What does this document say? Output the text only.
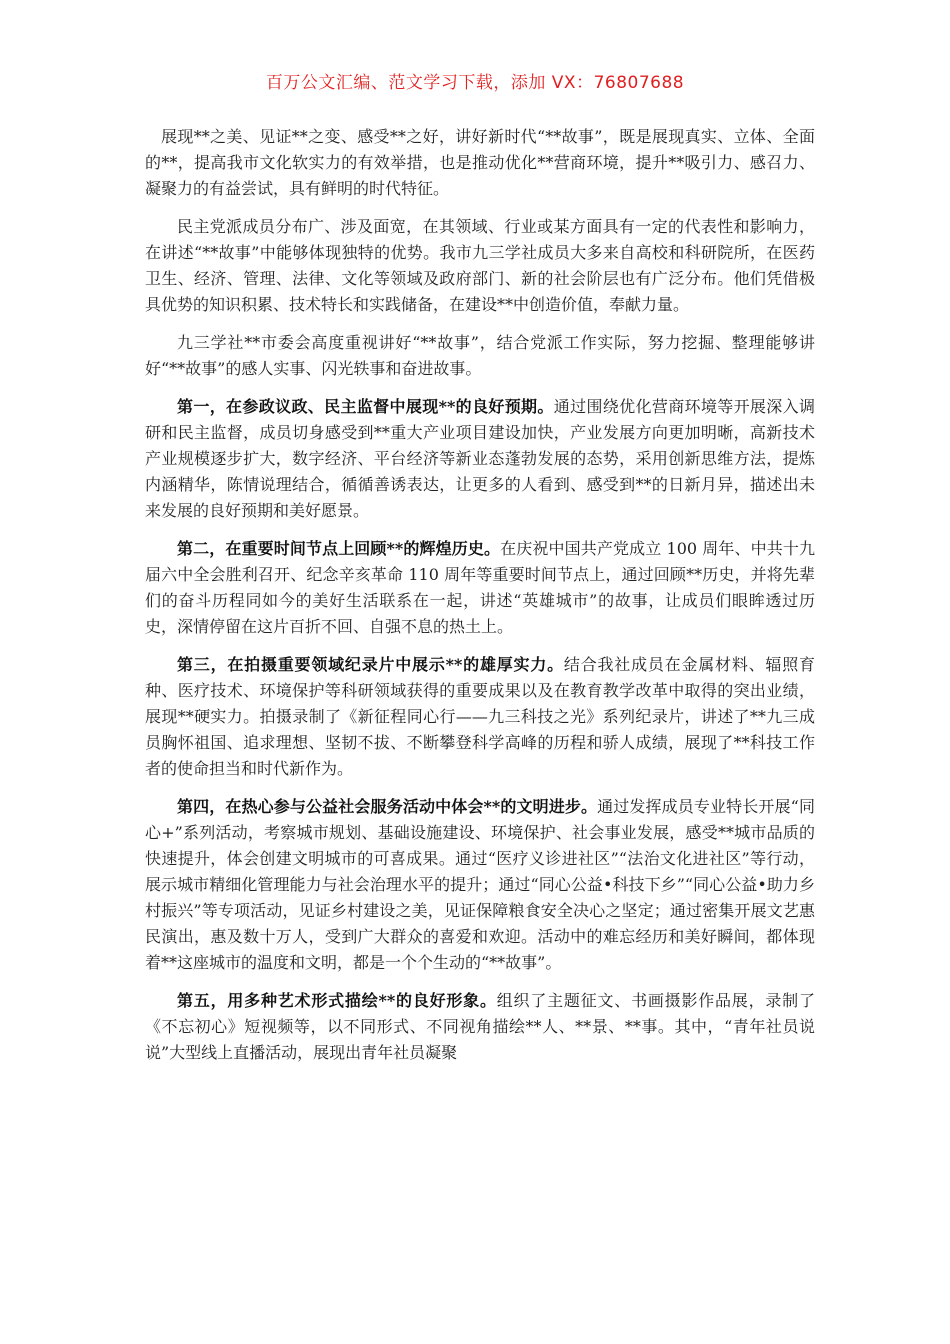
百万公文汇编、范文学习下载，添加 VX：76807688

展现**之美、见证**之变、感受**之好，讲好新时代“**故事”，既是展现真实、立体、全面的**，提高我市文化软实力的有效举措，也是推动优化**营商环境，提升**吸引力、感召力、凝聚力的有益尝试，具有鲜明的时代特征。

民主党派成员分布广、涉及面宽，在其领域、行业或某方面具有一定的代表性和影响力，在讲述“**故事”中能够体现独特的优势。我市九三学社成员大多来自高校和科研院所，在医药卫生、经济、管理、法律、文化等领域及政府部门、新的社会阶层也有广泛分布。他们凭借极具优势的知识积累、技术特长和实践储备，在建设**中创造价值，奉献力量。

九三学社**市委会高度重视讲好“**故事”，结合党派工作实际，努力挖掘、整理能够讲好“**故事”的感人实事、闪光轶事和奋进故事。

第一，在参政议政、民主监督中展现**的良好预期。通过围绕优化营商环境等开展深入调研和民主监督，成员切身感受到**重大产业项目建设加快，产业发展方向更加明晰，高新技术产业规模逐步扩大，数字经济、平台经济等新业态蓬勃发展的态势，采用创新思维方法，提炼内涵精华，陈情说理结合，循循善诱表达，让更多的人看到、感受到**的日新月异，描述出未来发展的良好预期和美好愿景。

第二，在重要时间节点上回顾**的辉煌历史。在庆祝中国共产党成立 100 周年、中共十九届六中全会胜利召开、纪念辛亥革命 110 周年等重要时间节点上，通过回顾**历史，并将先辈们的奋斗历程同如今的美好生活联系在一起，讲述“英雄城市”的故事，让成员们眼眸透过历史，深情停留在这片百折不回、自强不息的热土上。

第三，在拍摄重要领域纪录片中展示**的雄厚实力。结合我社成员在金属材料、辐照育种、医疗技术、环境保护等科研领域获得的重要成果以及在教育教学改革中取得的突出业绩，展现**硬实力。拍摄录制了《新征程同心行——九三科技之光》系列纪录片，讲述了**九三成员胸怀祖国、追求理想、坚韧不拔、不断攀登科学高峰的历程和骄人成绩，展现了**科技工作者的使命担当和时代新作为。

第四，在热心参与公益社会服务活动中体会**的文明进步。通过发挥成员专业特长开展“同心+”系列活动，考察城市规划、基础设施建设、环境保护、社会事业发展，感受**城市品质的快速提升，体会创建文明城市的可喜成果。通过“医疗义诊进社区”“法治文化进社区”等行动，展示城市精细化管理能力与社会治理水平的提升；通过“同心公益•科技下乡”“同心公益•助力乡村振兴”等专项活动，见证乡村建设之美，见证保障粮食安全决心之坚定；通过密集开展文艺惠民演出，惠及数十万人，受到广大群众的喜爱和欢迎。活动中的难忘经历和美好瞬间，都体现着**这座城市的温度和文明，都是一个个生动的“**故事”。

第五，用多种艺术形式描绘**的良好形象。组织了主题征文、书画摄影作品展，录制了《不忘初心》短视频等，以不同形式、不同视角描绘**人、**景、**事。其中，“青年社员说说”大型线上直播活动，展现出青年社员凝聚
